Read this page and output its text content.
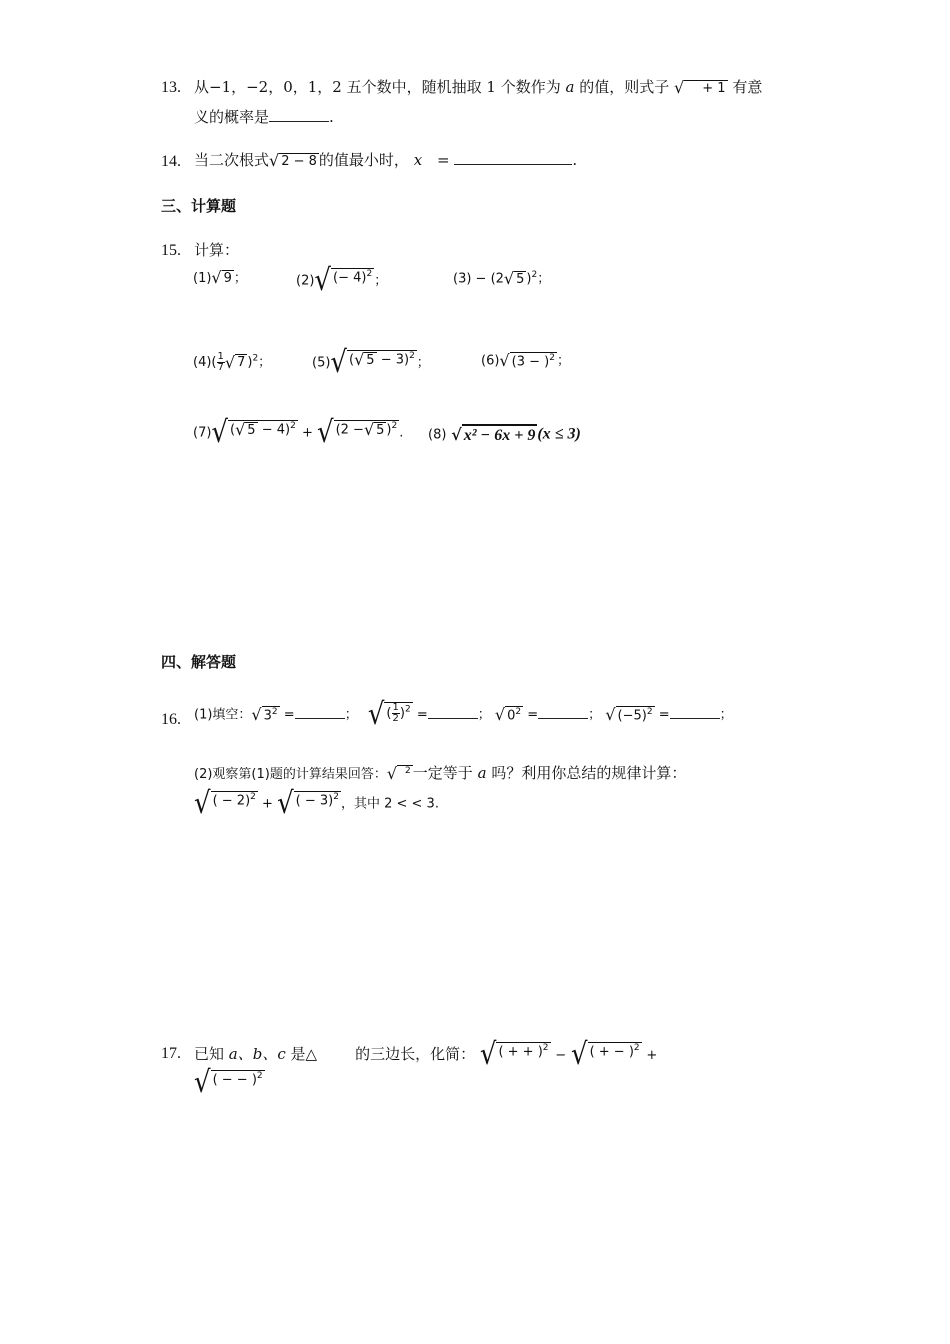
13. 从−1，−2，0，1，2 五个数中，随机抽取 1 个数作为 a 的值，则式子 √	+ 1 有意
义的概率是	.
14. 当二次根式 √ 2 − 8 的值最小时， x =	.
三、计算题
15. 计算：
(1) √ 9 ；	(2) √ (− 4)$^2$ ；	(3) − (2 √ 5 )$^2$；
$(4)( \frac{1}{7}$ √ 7 )$^2$；	(5) √ ( √ 5 − 3)$^2$ ；	(6) √ $(3 - )^2$ ；
(7) √ ( √ 5 − 4)$^2$ + √ (2 − √ 5 )$^2$ . (8) √ x² − 6x + 9 (x ≤ 3)
四、解答题
16. (1)填空： √ $3^2$ =	； √ ( $\frac{1}{2} )^2$ =	； √ $0^2$ =	； √ $(-5)^2$ =	；
(2)观察第(1)题的计算结果回答： √ $^2$ 一定等于 a 吗？利用你总结的规律计算：
√ ( − 2)$^2$ + √ ( − 3)$^2$ ，其中 2 < < 3.
17. 已知 a、b、c 是△	的三边长，化简： √ ( + + )$^2$ − √ ( + − )$^2$ +
√ ( − − )$^2$
